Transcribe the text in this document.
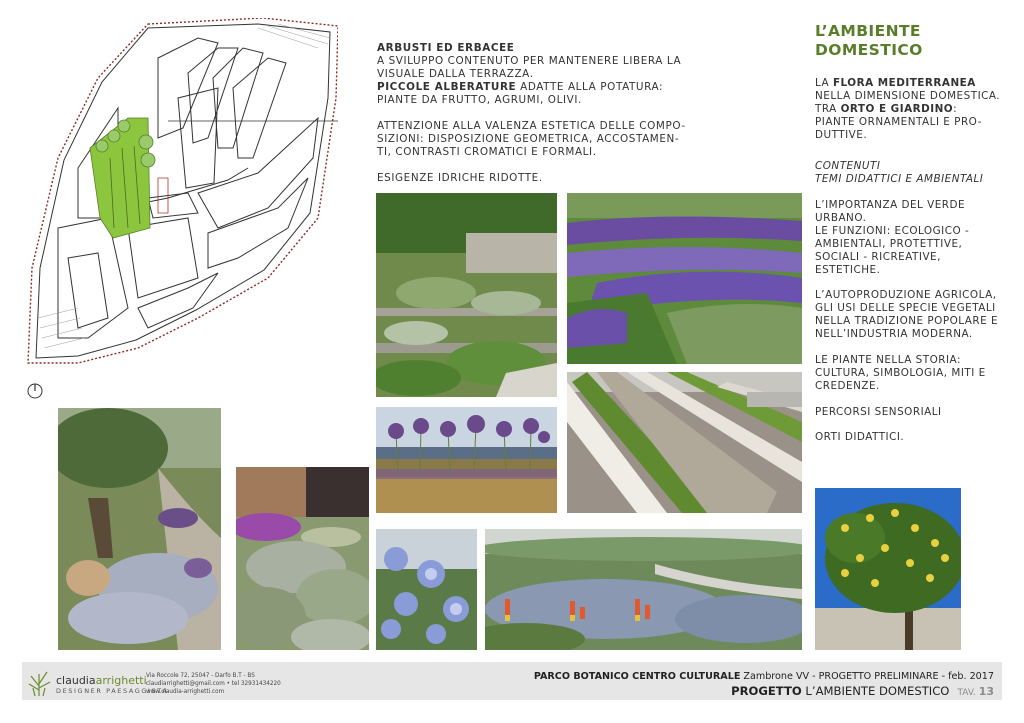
ARBUSTI ED ERBACEE
A SVILUPPO CONTENUTO PER MANTENERE LIBERA LA
VISUALE DALLA TERRAZZA.
PICCOLE ALBERATURE ADATTE ALLA POTATURA:
PIANTE DA FRUTTO, AGRUMI, OLIVI.
ATTENZIONE ALLA VALENZA ESTETICA DELLE COMPO-
SIZIONI: DISPOSIZIONE GEOMETRICA, ACCOSTAMEN-
TI, CONTRASTI CROMATICI E FORMALI.
ESIGENZE IDRICHE RIDOTTE.
L’AMBIENTE
DOMESTICO
LA FLORA MEDITERRANEA
NELLA DIMENSIONE DOMESTICA.
TRA ORTO E GIARDINO:
PIANTE ORNAMENTALI E PRO-
DUTTIVE.
CONTENUTI
TEMI DIDATTICI E AMBIENTALI
L’IMPORTANZA DEL VERDE
URBANO.
LE FUNZIONI: ECOLOGICO -
AMBIENTALI, PROTETTIVE,
SOCIALI - RICREATIVE,
ESTETICHE.
L’AUTOPRODUZIONE AGRICOLA,
GLI USI DELLE SPECIE VEGETALI
NELLA TRADIZIONE POPOLARE E
NELL’INDUSTRIA MODERNA.
LE PIANTE NELLA STORIA:
CULTURA, SIMBOLOGIA, MITI E
CREDENZE.
PERCORSI SENSORIALI
ORTI DIDATTICI.
claudiaarrighetti
DESIGNER PAESAGGISTA
Via Roccole 72, 25047 - Darfo B.T - BS
claudiarrighetti@gmail.com • tel 32931434220
www.claudia-arrighetti.com
PARCO BOTANICO CENTRO CULTURALE Zambrone VV - PROGETTO PRELIMINARE - feb. 2017
PROGETTO L’AMBIENTE DOMESTICO TAV. 13
